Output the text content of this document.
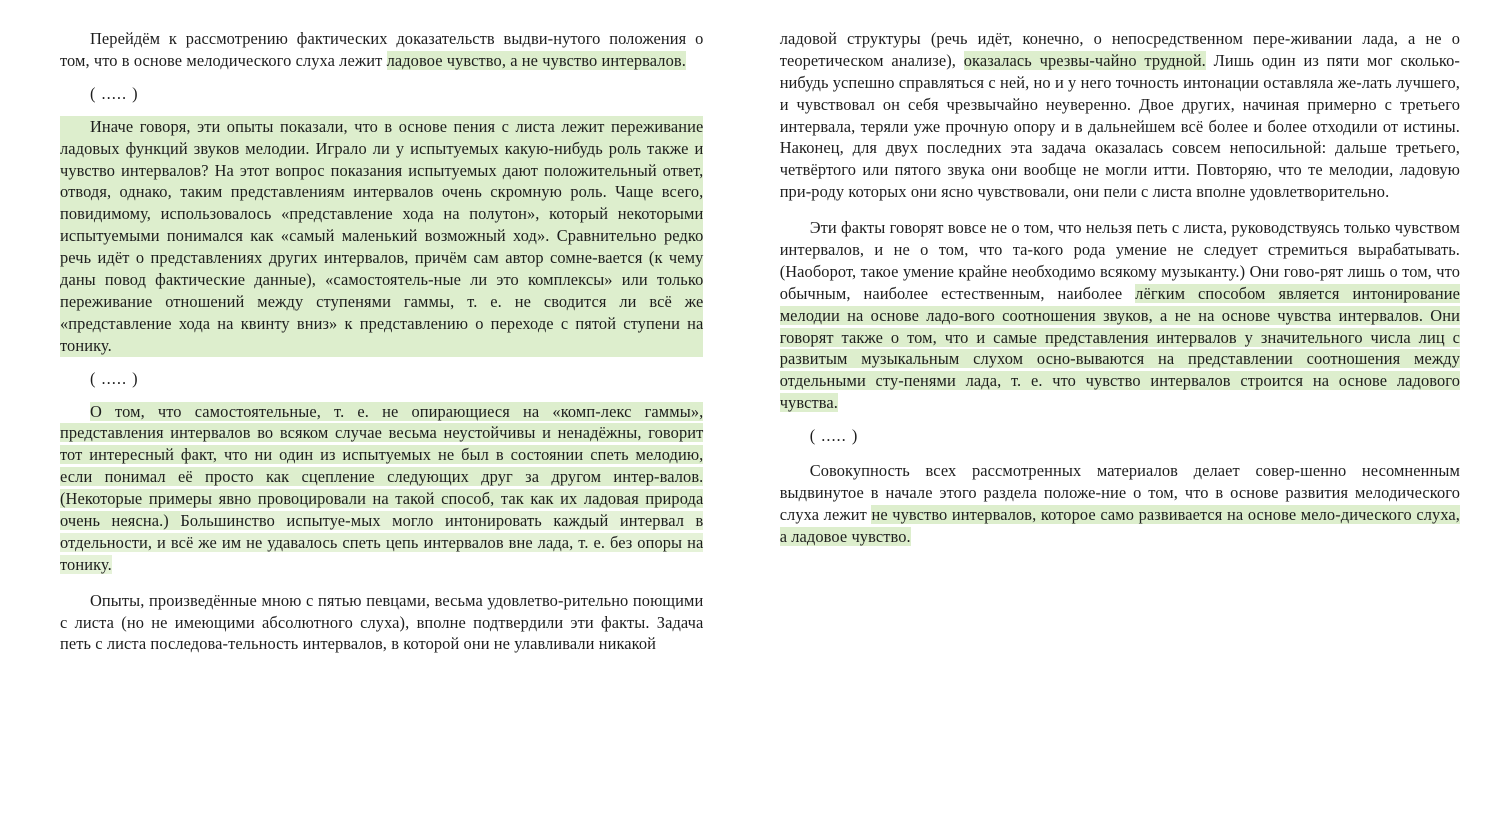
Перейдём к рассмотрению фактических доказательств выдви-нутого положения о том, что в основе мелодического слуха лежит ладовое чувство, а не чувство интервалов.

( ..... )

Иначе говоря, эти опыты показали, что в основе пения с листа лежит переживание ладовых функций звуков мелодии. Играло ли у испытуемых какую-нибудь роль также и чувство интервалов? На этот вопрос показания испытуемых дают положительный ответ, отводя, однако, таким представлениям интервалов очень скромную роль. Чаще всего, повидимому, использовалось «представление хода на полутон», который некоторыми испытуемыми понимался как «самый маленький возможный ход». Сравнительно редко речь идёт о представлениях других интервалов, причём сам автор сомне-вается (к чему даны повод фактические данные), «самостоятель-ные ли это комплексы» или только переживание отношений между ступенями гаммы, т. е. не сводится ли всё же «представление хода на квинту вниз» к представлению о переходе с пятой ступени на тонику.

( ..... )

О том, что самостоятельные, т. е. не опирающиеся на «комп-лекс гаммы», представления интервалов во всяком случае весьма неустойчивы и ненадёжны, говорит тот интересный факт, что ни один из испытуемых не был в состоянии спеть мелодию, если понимал её просто как сцепление следующих друг за другом интер-валов. (Некоторые примеры явно провоцировали на такой способ, так как их ладовая природа очень неясна.) Большинство испытуе-мых могло интонировать каждый интервал в отдельности, и всё же им не удавалось спеть цепь интервалов вне лада, т. е. без опоры на тонику.

Опыты, произведённые мною с пятью певцами, весьма удовлетво-рительно поющими с листа (но не имеющими абсолютного слуха), вполне подтвердили эти факты. Задача петь с листа последова-тельность интервалов, в которой они не улавливали никакой

ладовой структуры (речь идёт, конечно, о непосредственном пере-живании лада, а не о теоретическом анализе), оказалась чрезвы-чайно трудной. Лишь один из пяти мог сколько-нибудь успешно справляться с ней, но и у него точность интонации оставляла же-лать лучшего, и чувствовал он себя чрезвычайно неуверенно. Двое других, начиная примерно с третьего интервала, теряли уже прочную опору и в дальнейшем всё более и более отходили от истины. Наконец, для двух последних эта задача оказалась совсем непосильной: дальше третьего, четвёртого или пятого звука они вообще не могли итти. Повторяю, что те мелодии, ладовую при-роду которых они ясно чувствовали, они пели с листа вполне удовлетворительно.

Эти факты говорят вовсе не о том, что нельзя петь с листа, руководствуясь только чувством интервалов, и не о том, что та-кого рода умение не следует стремиться вырабатывать. (Наоборот, такое умение крайне необходимо всякому музыканту.) Они гово-рят лишь о том, что обычным, наиболее естественным, наиболее лёгким способом является интонирование мелодии на основе ладо-вого соотношения звуков, а не на основе чувства интервалов. Они говорят также о том, что и самые представления интервалов у значительного числа лиц с развитым музыкальным слухом осно-вываются на представлении соотношения между отдельными сту-пенями лада, т. е. что чувство интервалов строится на основе ладового чувства.

( ..... )

Совокупность всех рассмотренных материалов делает совер-шенно несомненным выдвинутое в начале этого раздела положе-ние о том, что в основе развития мелодического слуха лежит не чувство интервалов, которое само развивается на основе мело-дического слуха, а ладовое чувство.
